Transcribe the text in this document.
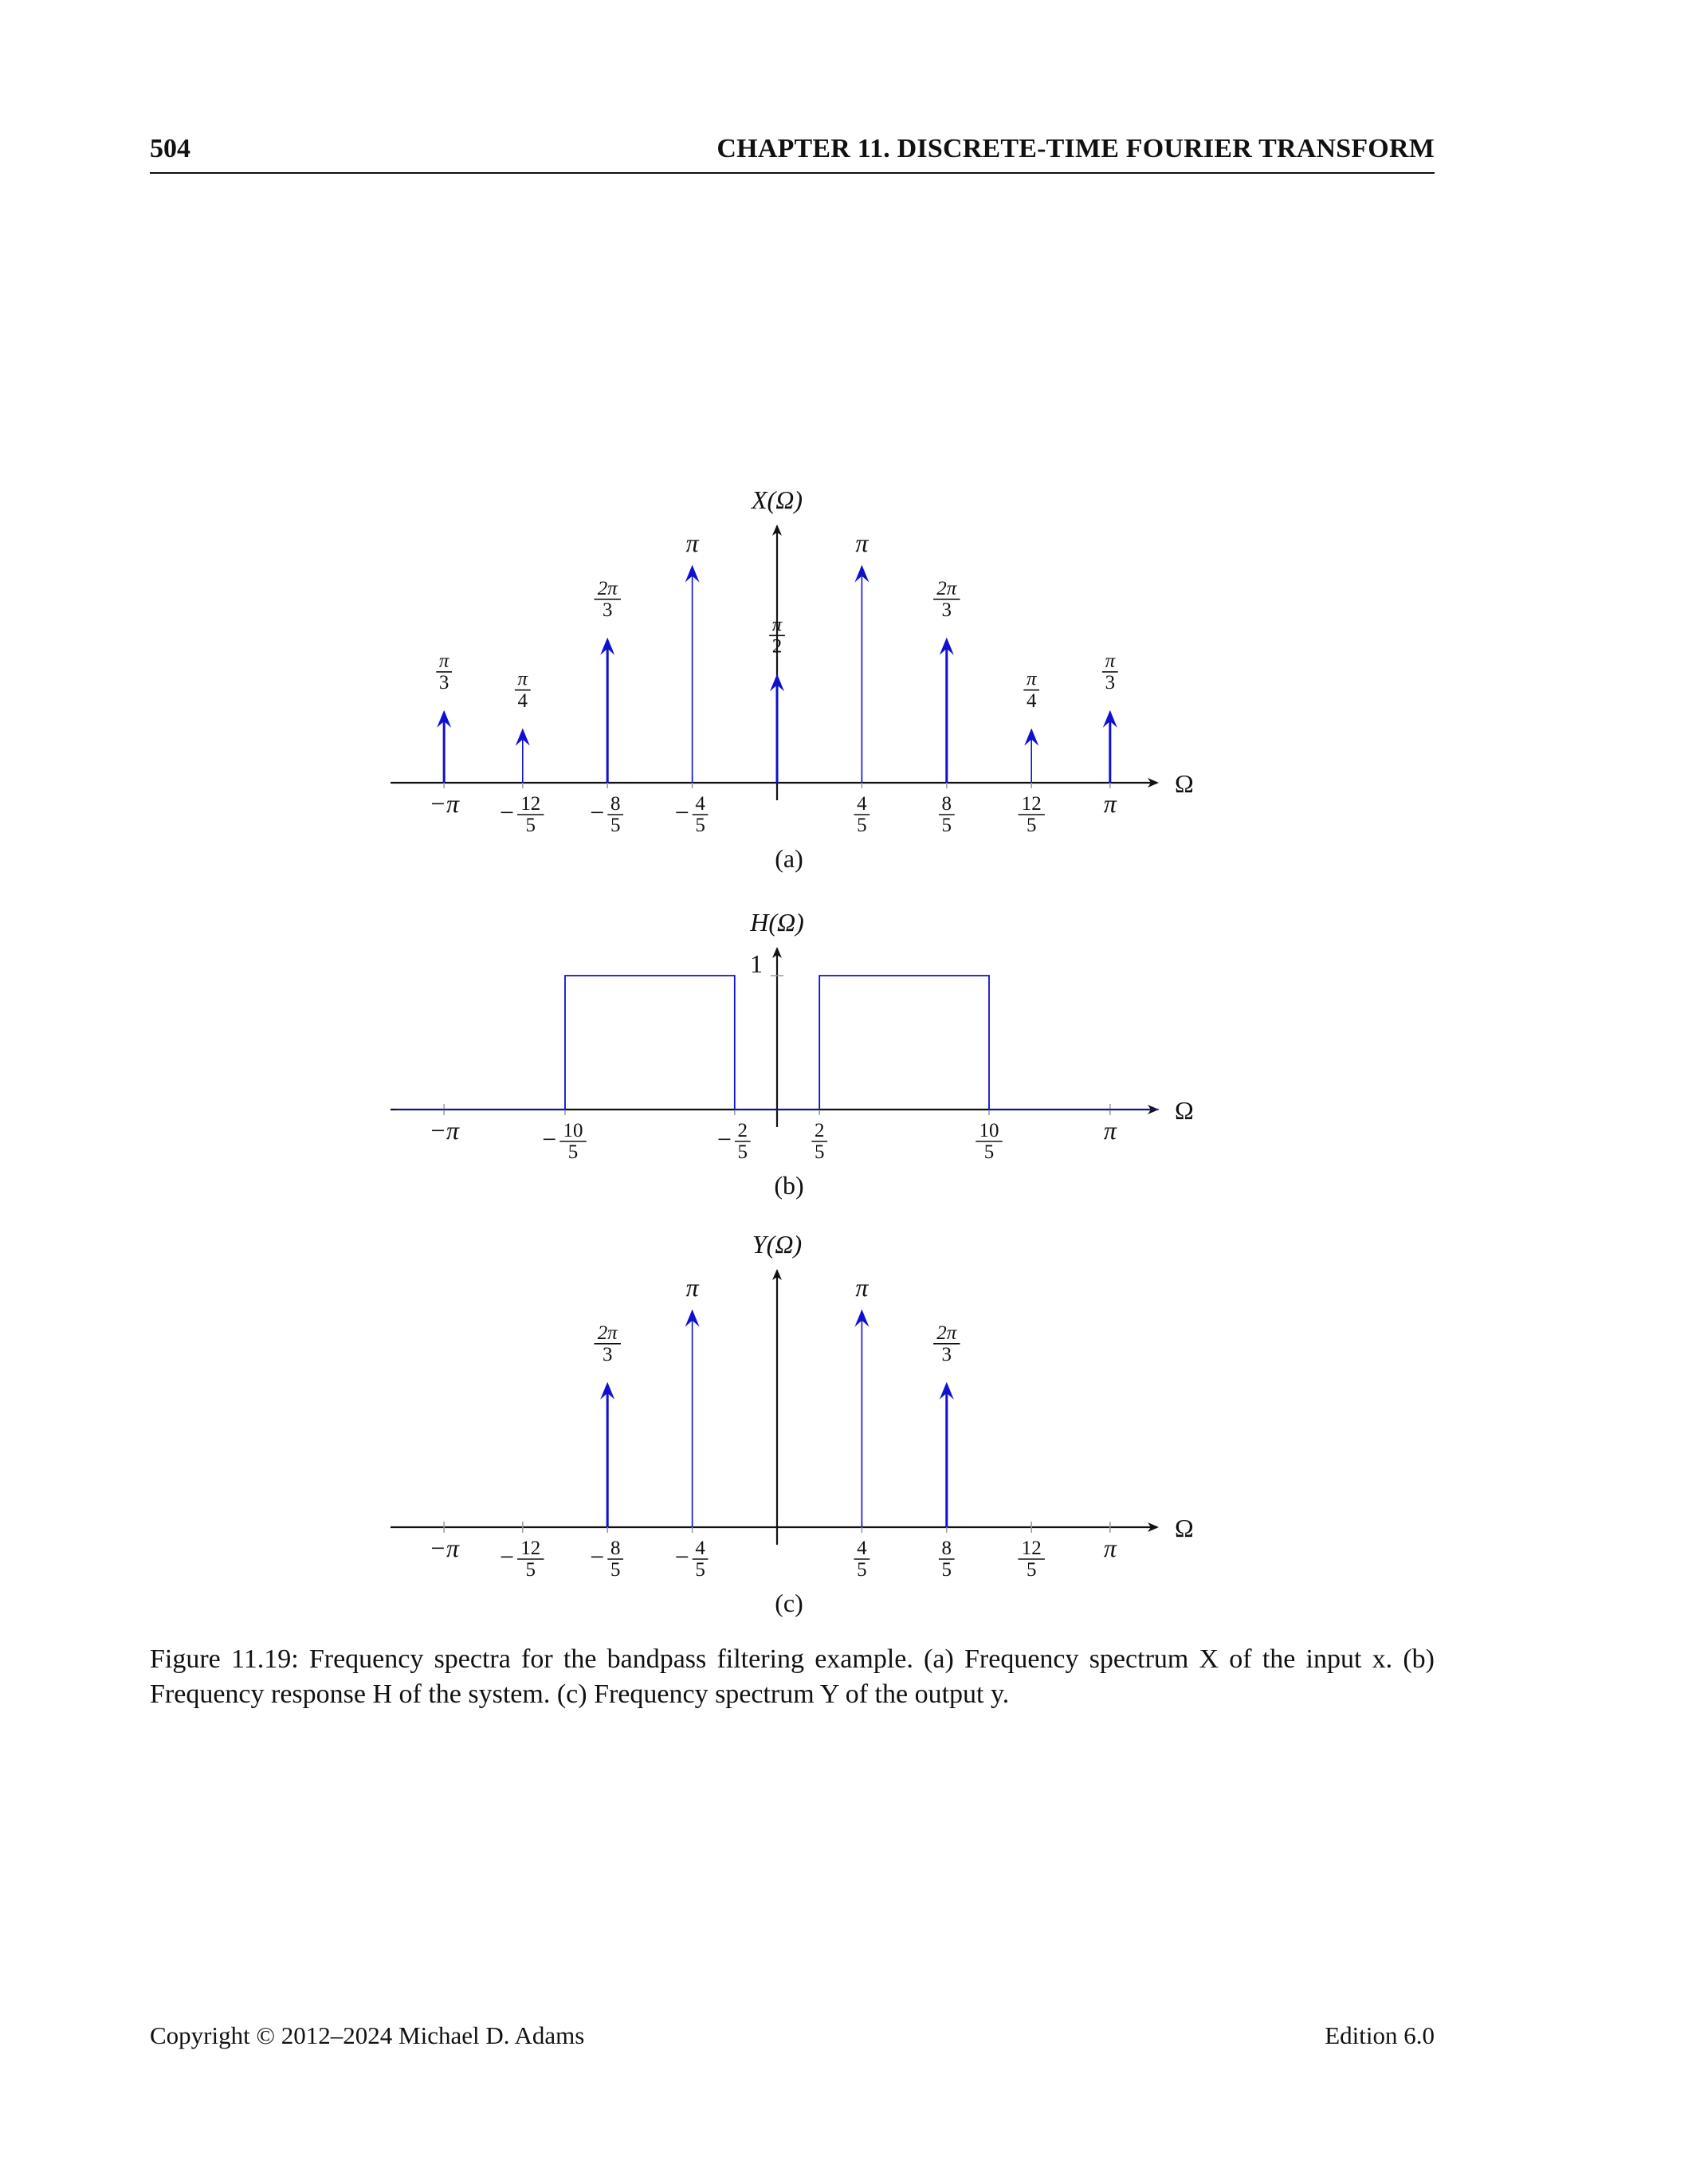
504	CHAPTER 11. DISCRETE-TIME FOURIER TRANSFORM
Ω
X(Ω)
−π	12
5
−	8
5
−	4
5
−	4
5
8
5
12
5
π
(a)
π
3	π
4
2π
3
π
π
2
π
2π
3
π
4
π
3
Ω
H(Ω)
−π	10
5
−	2
5
−	2
5
10
5
π
(b)
1
Ω
Y(Ω)
−π	12
5
−	8
5
−	4
5
−	4
5
8
5
12
5
π
(c)
2π
3
π	π
2π
3
Figure 11.19: Frequency spectra for the bandpass filtering example. (a) Frequency spectrum X of the input x. (b) Frequency response H of the system. (c) Frequency spectrum Y of the output y.
Copyright © 2012–2024 Michael D. Adams	Edition 6.0
